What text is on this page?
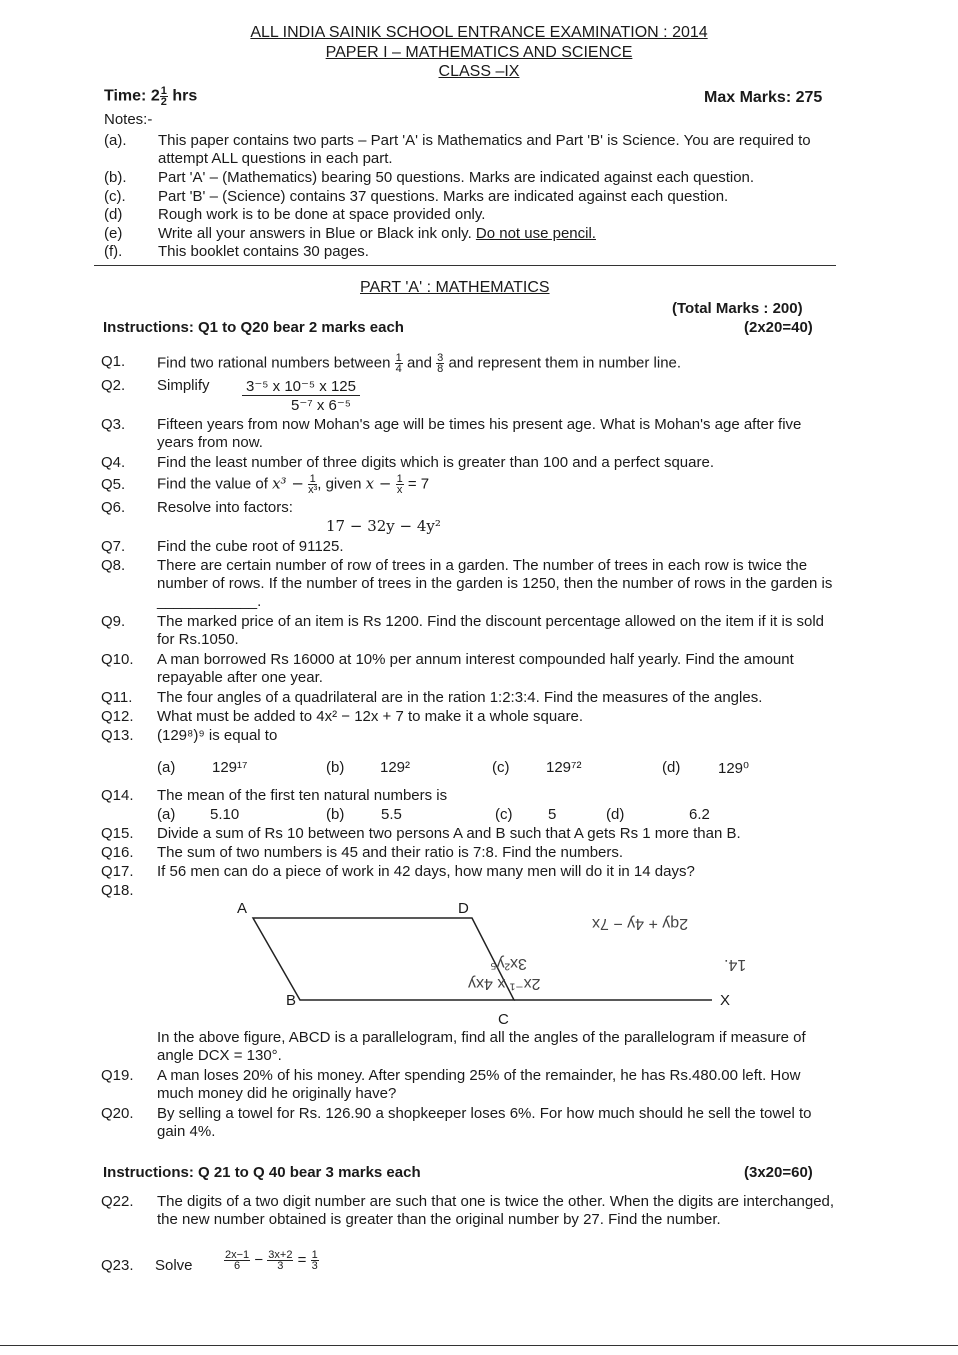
ALL INDIA SAINIK SCHOOL ENTRANCE EXAMINATION : 2014
PAPER I – MATHEMATICS AND SCIENCE
CLASS –IX
Time: $2 \frac{1}{2}$ hrs	Max Marks: 275
Notes:-
(a). This paper contains two parts – Part 'A' is Mathematics and Part 'B' is Science. You are required to attempt ALL questions in each part.
(b). Part 'A' – (Mathematics) bearing 50 questions. Marks are indicated against each question.
(c). Part 'B' – (Science) contains 37 questions. Marks are indicated against each question.
(d) Rough work is to be done at space provided only.
(e) Write all your answers in Blue or Black ink only. Do not use pencil.
(f). This booklet contains 30 pages.
PART 'A' : MATHEMATICS
(Total Marks : 200)
Instructions: Q1 to Q20 bear 2 marks each	(2x20=40)
Q1. Find two rational numbers between $\frac{1}{4}$ and $\frac{3}{8}$ and represent them in number line.
Q2. Simplify $\frac{\text{3⁻⁵ x 10⁻⁵ x 125}}{\text{5⁻⁷ x 6⁻⁵}}$
Q3. Fifteen years from now Mohan's age will be times his present age. What is Mohan's age after five years from now.
Q4. Find the least number of three digits which is greater than 100 and a perfect square.
Q5. Find the value of $x^3 - \frac{1}{\text{x³}}$ , given $x - \frac{1}{x} = 7$
Q6. Resolve into factors:
17 − 32y − 4y²
Q7. Find the cube root of 91125.
Q8. There are certain number of row of trees in a garden. The number of trees in each row is twice the number of rows. If the number of trees in the garden is 1250, then the number of rows in the garden is ____________.
Q9. The marked price of an item is Rs 1200. Find the discount percentage allowed on the item if it is sold for Rs.1050.
Q10. A man borrowed Rs 16000 at 10% per annum interest compounded half yearly. Find the amount repayable after one year.
Q11. The four angles of a quadrilateral are in the ration 1:2:3:4. Find the measures of the angles.
Q12. What must be added to 4x² − 12x + 7 to make it a whole square.
Q13. (129⁸)⁹ is equal to
(a) 129¹⁷	(b) 129²	(c) 129⁷²	(d)	129⁰
Q14. The mean of the first ten natural numbers is
(a) 5.10	(b) 5.5	(c) 5	(d)	6.2
Q15. Divide a sum of Rs 10 between two persons A and B such that A gets Rs 1 more than B.
Q16. The sum of two numbers is 45 and their ratio is 7:8. Find the numbers.
Q17. If 56 men can do a piece of work in 42 days, how many men will do it in 14 days?
Q18.
A	D
B
C
X
2qy + 4y − 7x
3x²y⁵
2x⁻¹ x 4xy
14.
In the above figure, ABCD is a parallelogram, find all the angles of the parallelogram if measure of angle DCX = 130°.
Q19. A man loses 20% of his money. After spending 25% of the remainder, he has Rs.480.00 left. How much money did he originally have?
Q20. By selling a towel for Rs. 126.90 a shopkeeper loses 6%. For how much should he sell the towel to gain 4%.
Instructions: Q 21 to Q 40 bear 3 marks each	(3x20=60)
Q22. The digits of a two digit number are such that one is twice the other. When the digits are interchanged, the new number obtained is greater than the original number by 27. Find the number.
Q23. Solve	$\frac{2x-1}{6} - \frac{3x+2}{3} = \frac{1}{3}$
